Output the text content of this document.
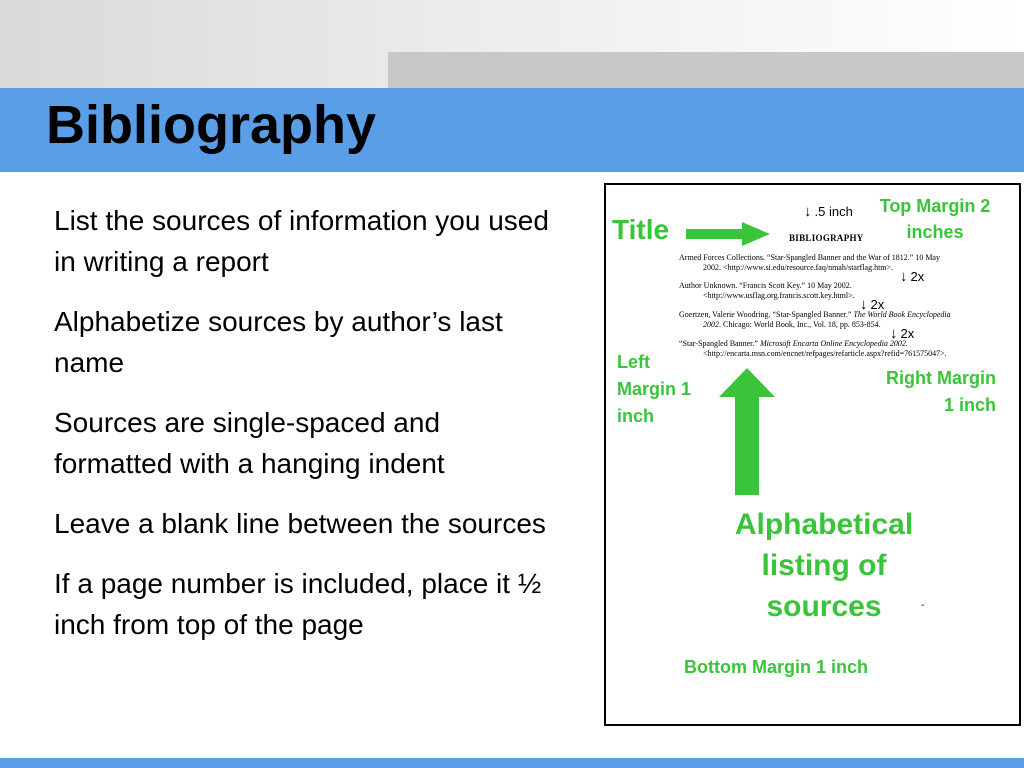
Bibliography
List the sources of information you used in writing a report
Alphabetize sources by author’s last name
Sources are single-spaced and formatted with a hanging indent
Leave a blank line between the sources
If a page number is included, place it ½ inch from top of the page
↓ .5 inch
BIBLIOGRAPHY
Armed Forces Collections. “Star-Spangled Banner and the War of 1812.” 10 May
2002. <http://www.si.edu/resource.faq/nmah/starflag.htm>.
↓ 2x
Author Unknown. “Francis Scott Key.” 10 May 2002.
<http://www.usflag.org.francis.scott.key.html>.
↓ 2x
Goertzen, Valerie Woodring. “Star-Spangled Banner.” The World Book Encyclopedia
2002. Chicago: World Book, Inc., Vol. 18, pp. 853-854.
↓ 2x
“Star-Spangled Banner.” Microsoft Encarta Online Encyclopedia 2002.
<http://encarta.msn.com/encnet/refpages/refarticle.aspx?refid=761575047>.
-
Title
Top Margin 2 inches
Left Margin 1 inch
Right Margin 1 inch
Alphabetical listing of sources
Bottom Margin 1 inch
